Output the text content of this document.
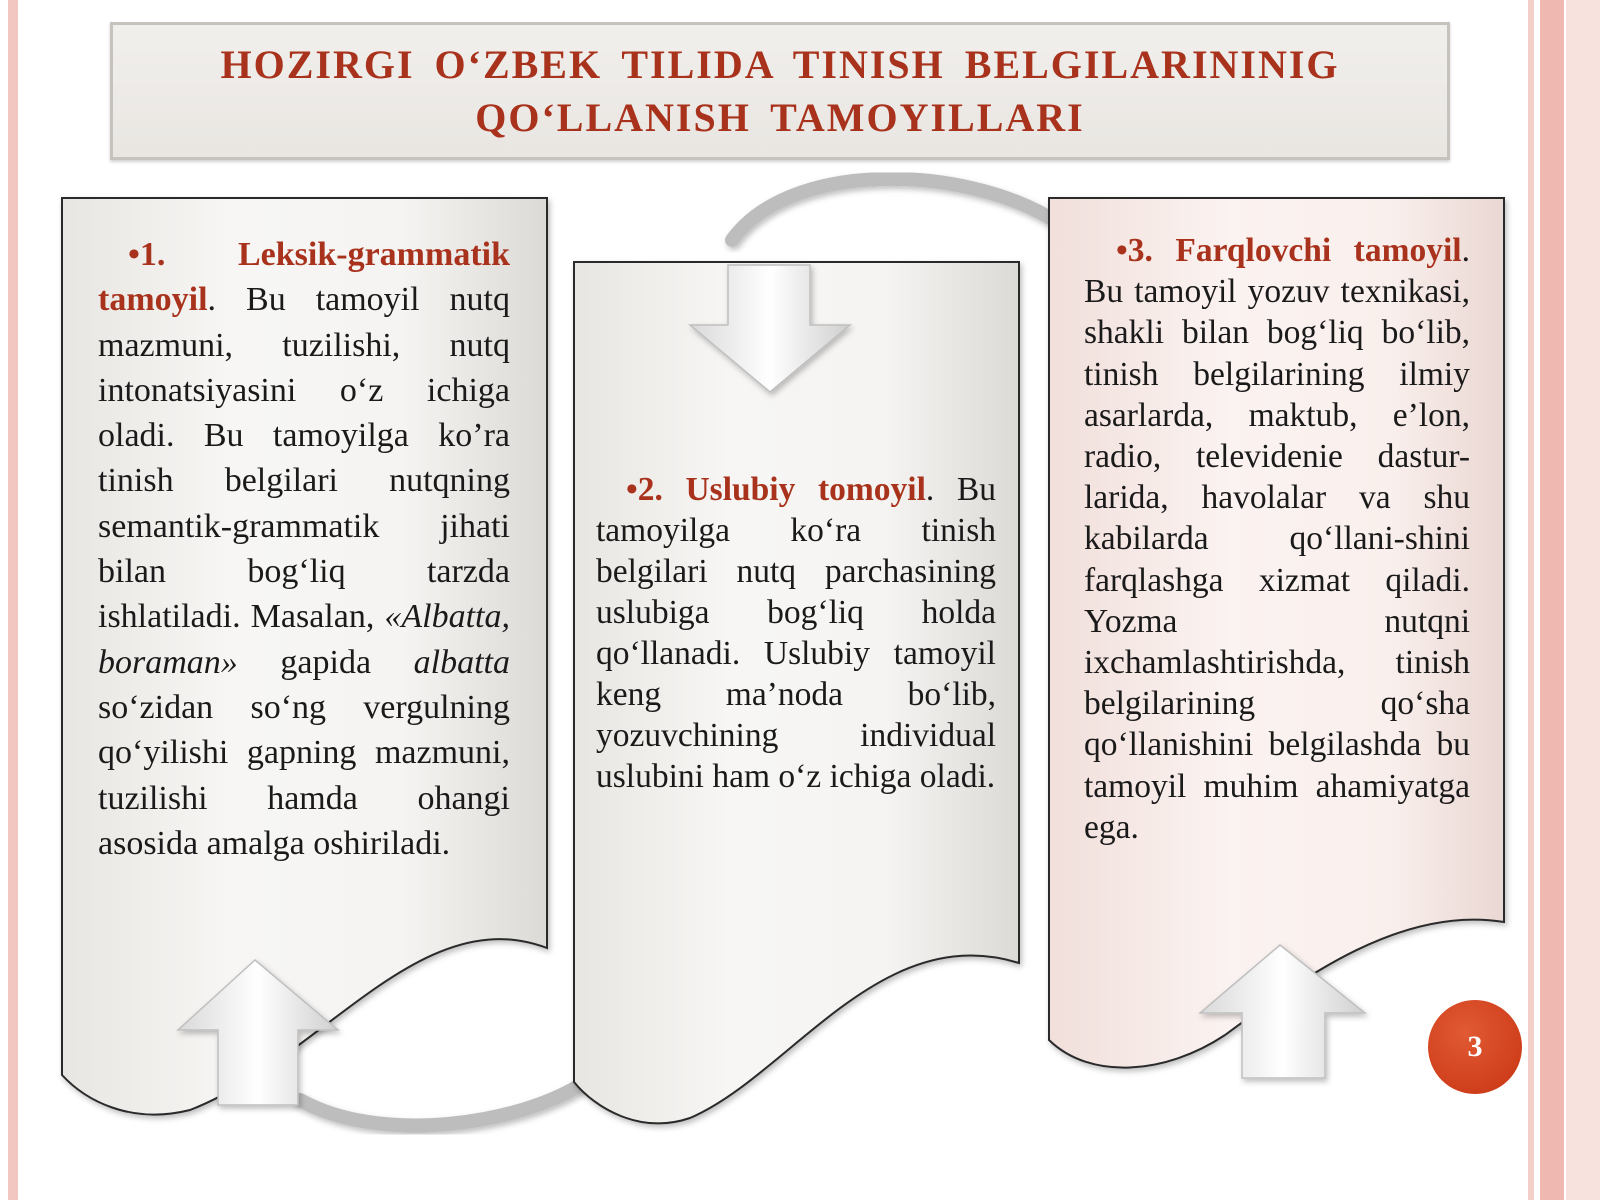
HOZIRGI O‘ZBEK TILIDA TINISH BELGILARININIG
QO‘LLANISH TAMOYILLARI

•1. Leksik-grammatik tamoyil. Bu tamoyil nutq mazmuni, tuzilishi, nutq intonatsiyasini o‘z ichiga oladi. Bu tamoyilga ko’ra tinish belgilari nutqning semantik-grammatik jihati bilan bog‘liq tarzda ishlatiladi. Masalan, «Albatta, boraman» gapida albatta so‘zidan so‘ng vergulning qo‘yilishi gapning mazmuni, tuzilishi hamda ohangi asosida amalga oshiriladi.

•2. Uslubiy tomoyil. Bu tamoyilga ko‘ra tinish belgilari nutq parchasining uslubiga bog‘liq holda qo‘llanadi. Uslubiy tamoyil keng ma’noda bo‘lib, yozuvchining individual uslubini ham o‘z ichiga oladi.

•3. Farqlovchi tamoyil. Bu tamoyil yozuv texnikasi, shakli bilan bog‘liq bo‘lib, tinish belgilarining ilmiy asarlarda, maktub, e’lon, radio, televidenie dastur-larida, havolalar va shu kabilarda qo‘llani-shini farqlashga xizmat qiladi. Yozma nutqni ixchamlashtirishda, tinish belgilarining qo‘sha qo‘llanishini belgilashda bu tamoyil muhim ahamiyatga ega.

3
